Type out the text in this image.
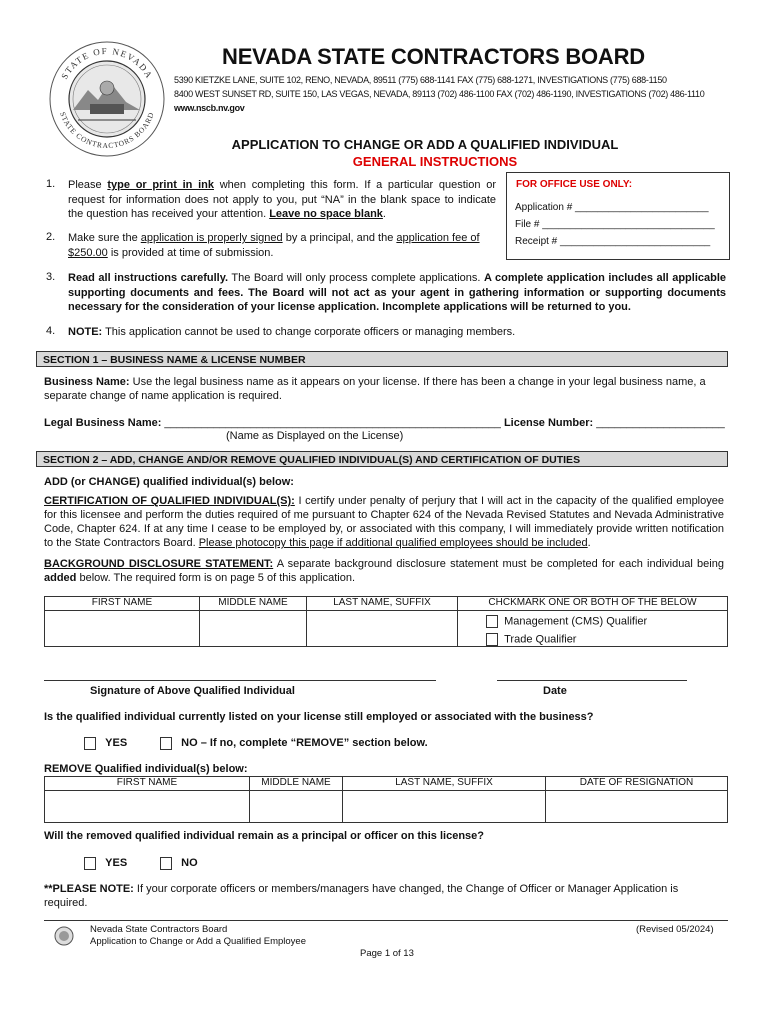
STATE OF NEVADA
STATE CONTRACTORS BOARD
NEVADA STATE CONTRACTORS BOARD
5390 KIETZKE LANE, SUITE 102, RENO, NEVADA, 89511 (775) 688-1141 FAX (775) 688-1271, INVESTIGATIONS (775) 688-1150
8400 WEST SUNSET RD, SUITE 150, LAS VEGAS, NEVADA, 89113 (702) 486-1100 FAX (702) 486-1190, INVESTIGATIONS (702) 486-1110
www.nscb.nv.gov
APPLICATION TO CHANGE OR ADD A QUALIFIED INDIVIDUAL
GENERAL INSTRUCTIONS
FOR OFFICE USE ONLY:
Application # ________________________
File # _______________________________
Receipt # ___________________________
1. Please type or print in ink when completing this form. If a particular question or request for information does not apply to you, put “NA” in the blank space to indicate the question has received your attention. Leave no space blank.
2. Make sure the application is properly signed by a principal, and the application fee of $250.00 is provided at time of submission.
3. Read all instructions carefully. The Board will only process complete applications. A complete application includes all applicable supporting documents and fees. The Board will not act as your agent in gathering information or supporting documents necessary for the consideration of your license application. Incomplete applications will be returned to you.
4. NOTE: This application cannot be used to change corporate officers or managing members.
SECTION 1 – BUSINESS NAME & LICENSE NUMBER
Business Name: Use the legal business name as it appears on your license. If there has been a change in your legal business name, a separate change of name application is required.
Legal Business Name: _______________________________________________________ License Number: _____________________
(Name as Displayed on the License)
SECTION 2 – ADD, CHANGE AND/OR REMOVE QUALIFIED INDIVIDUAL(S) AND CERTIFICATION OF DUTIES
ADD (or CHANGE) qualified individual(s) below:
CERTIFICATION OF QUALIFIED INDIVIDUAL(S): I certify under penalty of perjury that I will act in the capacity of the qualified employee for this licensee and perform the duties required of me pursuant to Chapter 624 of the Nevada Revised Statutes and Nevada Administrative Code, Chapter 624. If at any time I cease to be employed by, or associated with this company, I will immediately provide written notification to the State Contractors Board. Please photocopy this page if additional qualified employees should be included.
BACKGROUND DISCLOSURE STATEMENT: A separate background disclosure statement must be completed for each individual being added below. The required form is on page 5 of this application.
FIRST NAME	MIDDLE NAME	LAST NAME, SUFFIX	CHCKMARK ONE OR BOTH OF THE BELOW

			Management (CMS) Qualifier
Trade Qualifier
Signature of Above Qualified Individual	Date
Is the qualified individual currently listed on your license still employed or associated with the business?
YES	NO – If no, complete “REMOVE” section below.
REMOVE Qualified individual(s) below:
FIRST NAME	MIDDLE NAME	LAST NAME, SUFFIX	DATE OF RESIGNATION

Will the removed qualified individual remain as a principal or officer on this license?
YES	NO
**PLEASE NOTE: If your corporate officers or members/managers have changed, the Change of Officer or Manager Application is required.
Nevada State Contractors Board
Application to Change or Add a Qualified Employee
(Revised 05/2024)
Page 1 of 13
